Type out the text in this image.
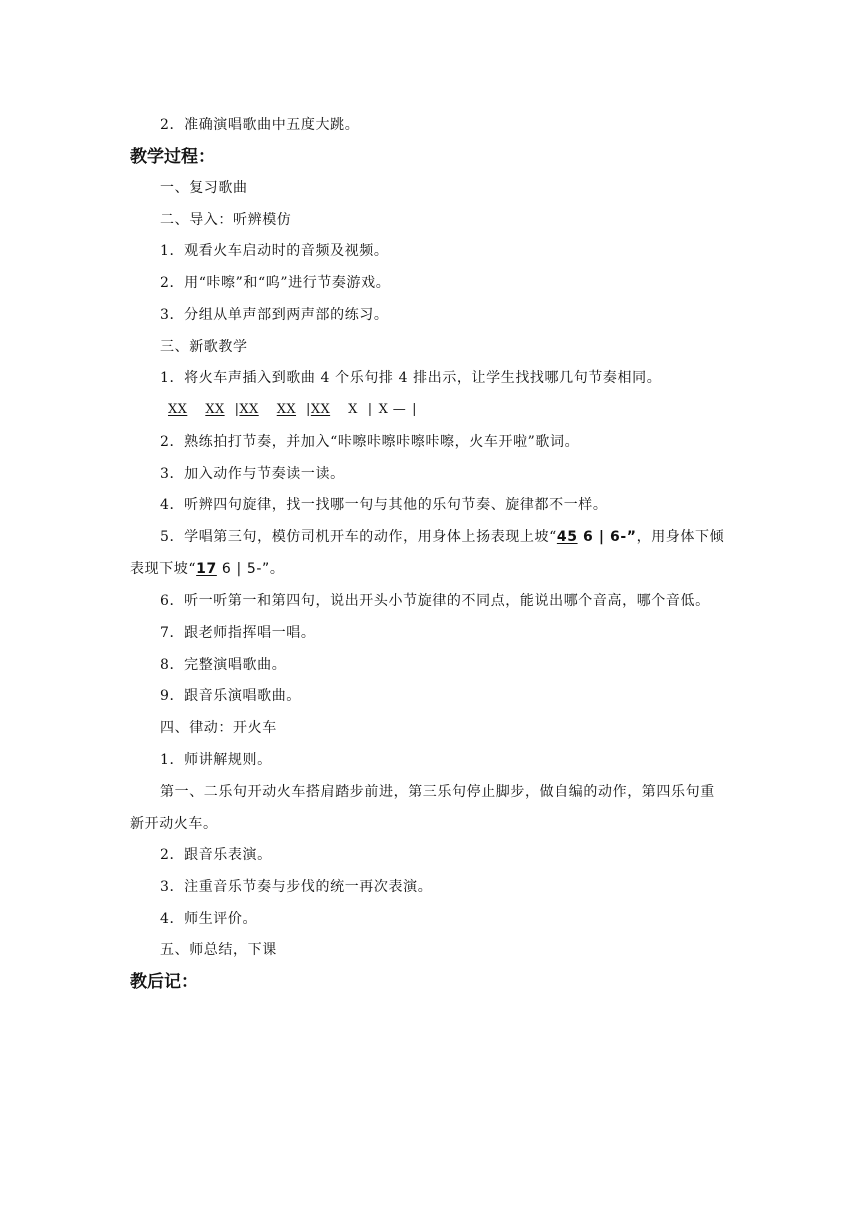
2．准确演唱歌曲中五度大跳。
教学过程：
一、复习歌曲
二、导入：听辨模仿
1．观看火车启动时的音频及视频。
2．用“咔嚓”和“呜”进行节奏游戏。
3．分组从单声部到两声部的练习。
三、新歌教学
1．将火车声插入到歌曲 4 个乐句排 4 排出示，让学生找找哪几句节奏相同。
XX XX |XX XX |XX X | X — |
2．熟练拍打节奏，并加入“咔嚓咔嚓咔嚓咔嚓，火车开啦”歌词。
3．加入动作与节奏读一读。
4．听辨四句旋律，找一找哪一句与其他的乐句节奏、旋律都不一样。
5．学唱第三句，模仿司机开车的动作，用身体上扬表现上坡“45 6 | 6-”，用身体下倾
表现下坡“17 6 | 5-”。
6．听一听第一和第四句，说出开头小节旋律的不同点，能说出哪个音高，哪个音低。
7．跟老师指挥唱一唱。
8．完整演唱歌曲。
9．跟音乐演唱歌曲。
四、律动：开火车
1．师讲解规则。
第一、二乐句开动火车搭肩踏步前进，第三乐句停止脚步，做自编的动作，第四乐句重
新开动火车。
2．跟音乐表演。
3．注重音乐节奏与步伐的统一再次表演。
4．师生评价。
五、师总结，下课
教后记：
